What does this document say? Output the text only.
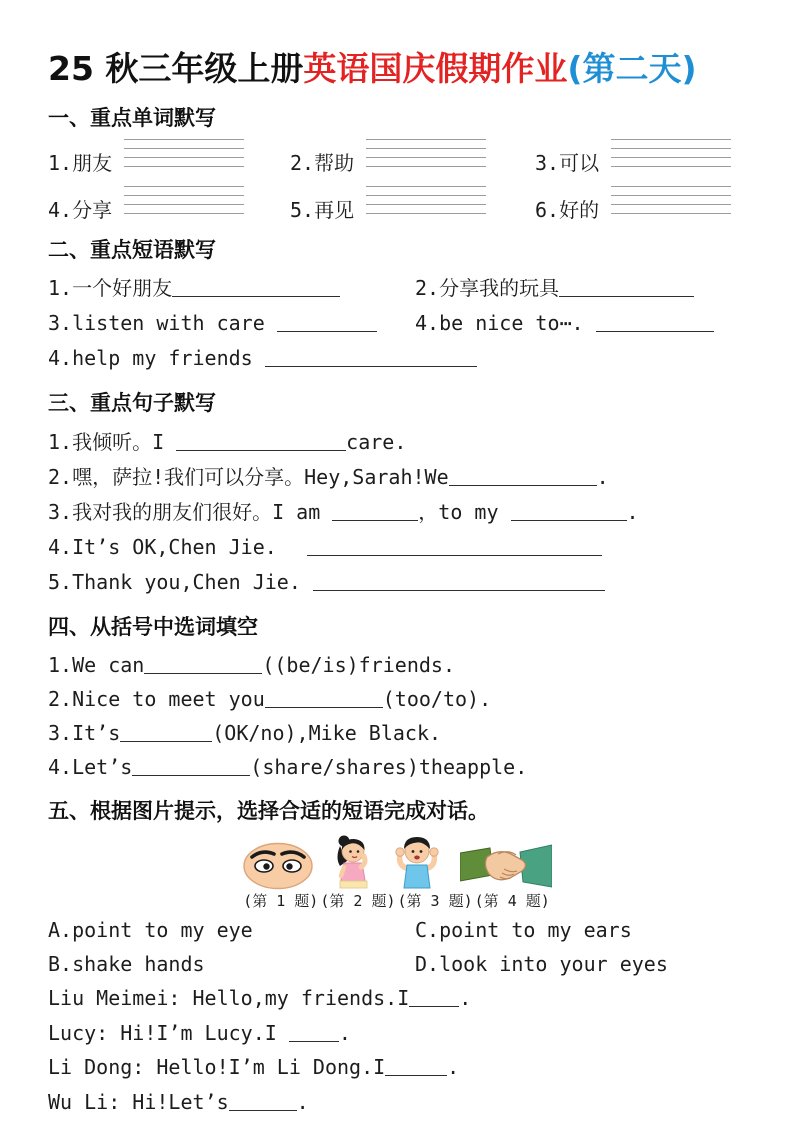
25 秋三年级上册英语国庆假期作业(第二天)
一、重点单词默写
1.朋友	2.帮助	3.可以
4.分享	5.再见	6.好的
二、重点短语默写
1.一个好朋友	2.分享我的玩具
3.listen with care	4.be nice to⋯.
4.help my friends
三、重点句子默写
1.我倾听。I	care.
2.嘿，萨拉!我们可以分享。Hey,Sarah!We	.
3.我对我的朋友们很好。I am	，to my	.
4.It’s OK,Chen Jie.
5.Thank you,Chen Jie.
四、从括号中选词填空
1.We can	((be/is)friends.
2.Nice to meet you	(too/to).
3.It’s	(OK/no),Mike Black.
4.Let’s	(share/shares)theapple.
五、根据图片提示，选择合适的短语完成对话。
(第 1 题) (第 2 题) (第 3 题) (第 4 题)
A.point to my eye	C.point to my ears
B.shake hands	D.look into your eyes
Liu Meimei: Hello,my friends.I	.
Lucy: Hi!I’m Lucy.I	.
Li Dong: Hello!I’m Li Dong.I	.
Wu Li: Hi!Let’s	.
